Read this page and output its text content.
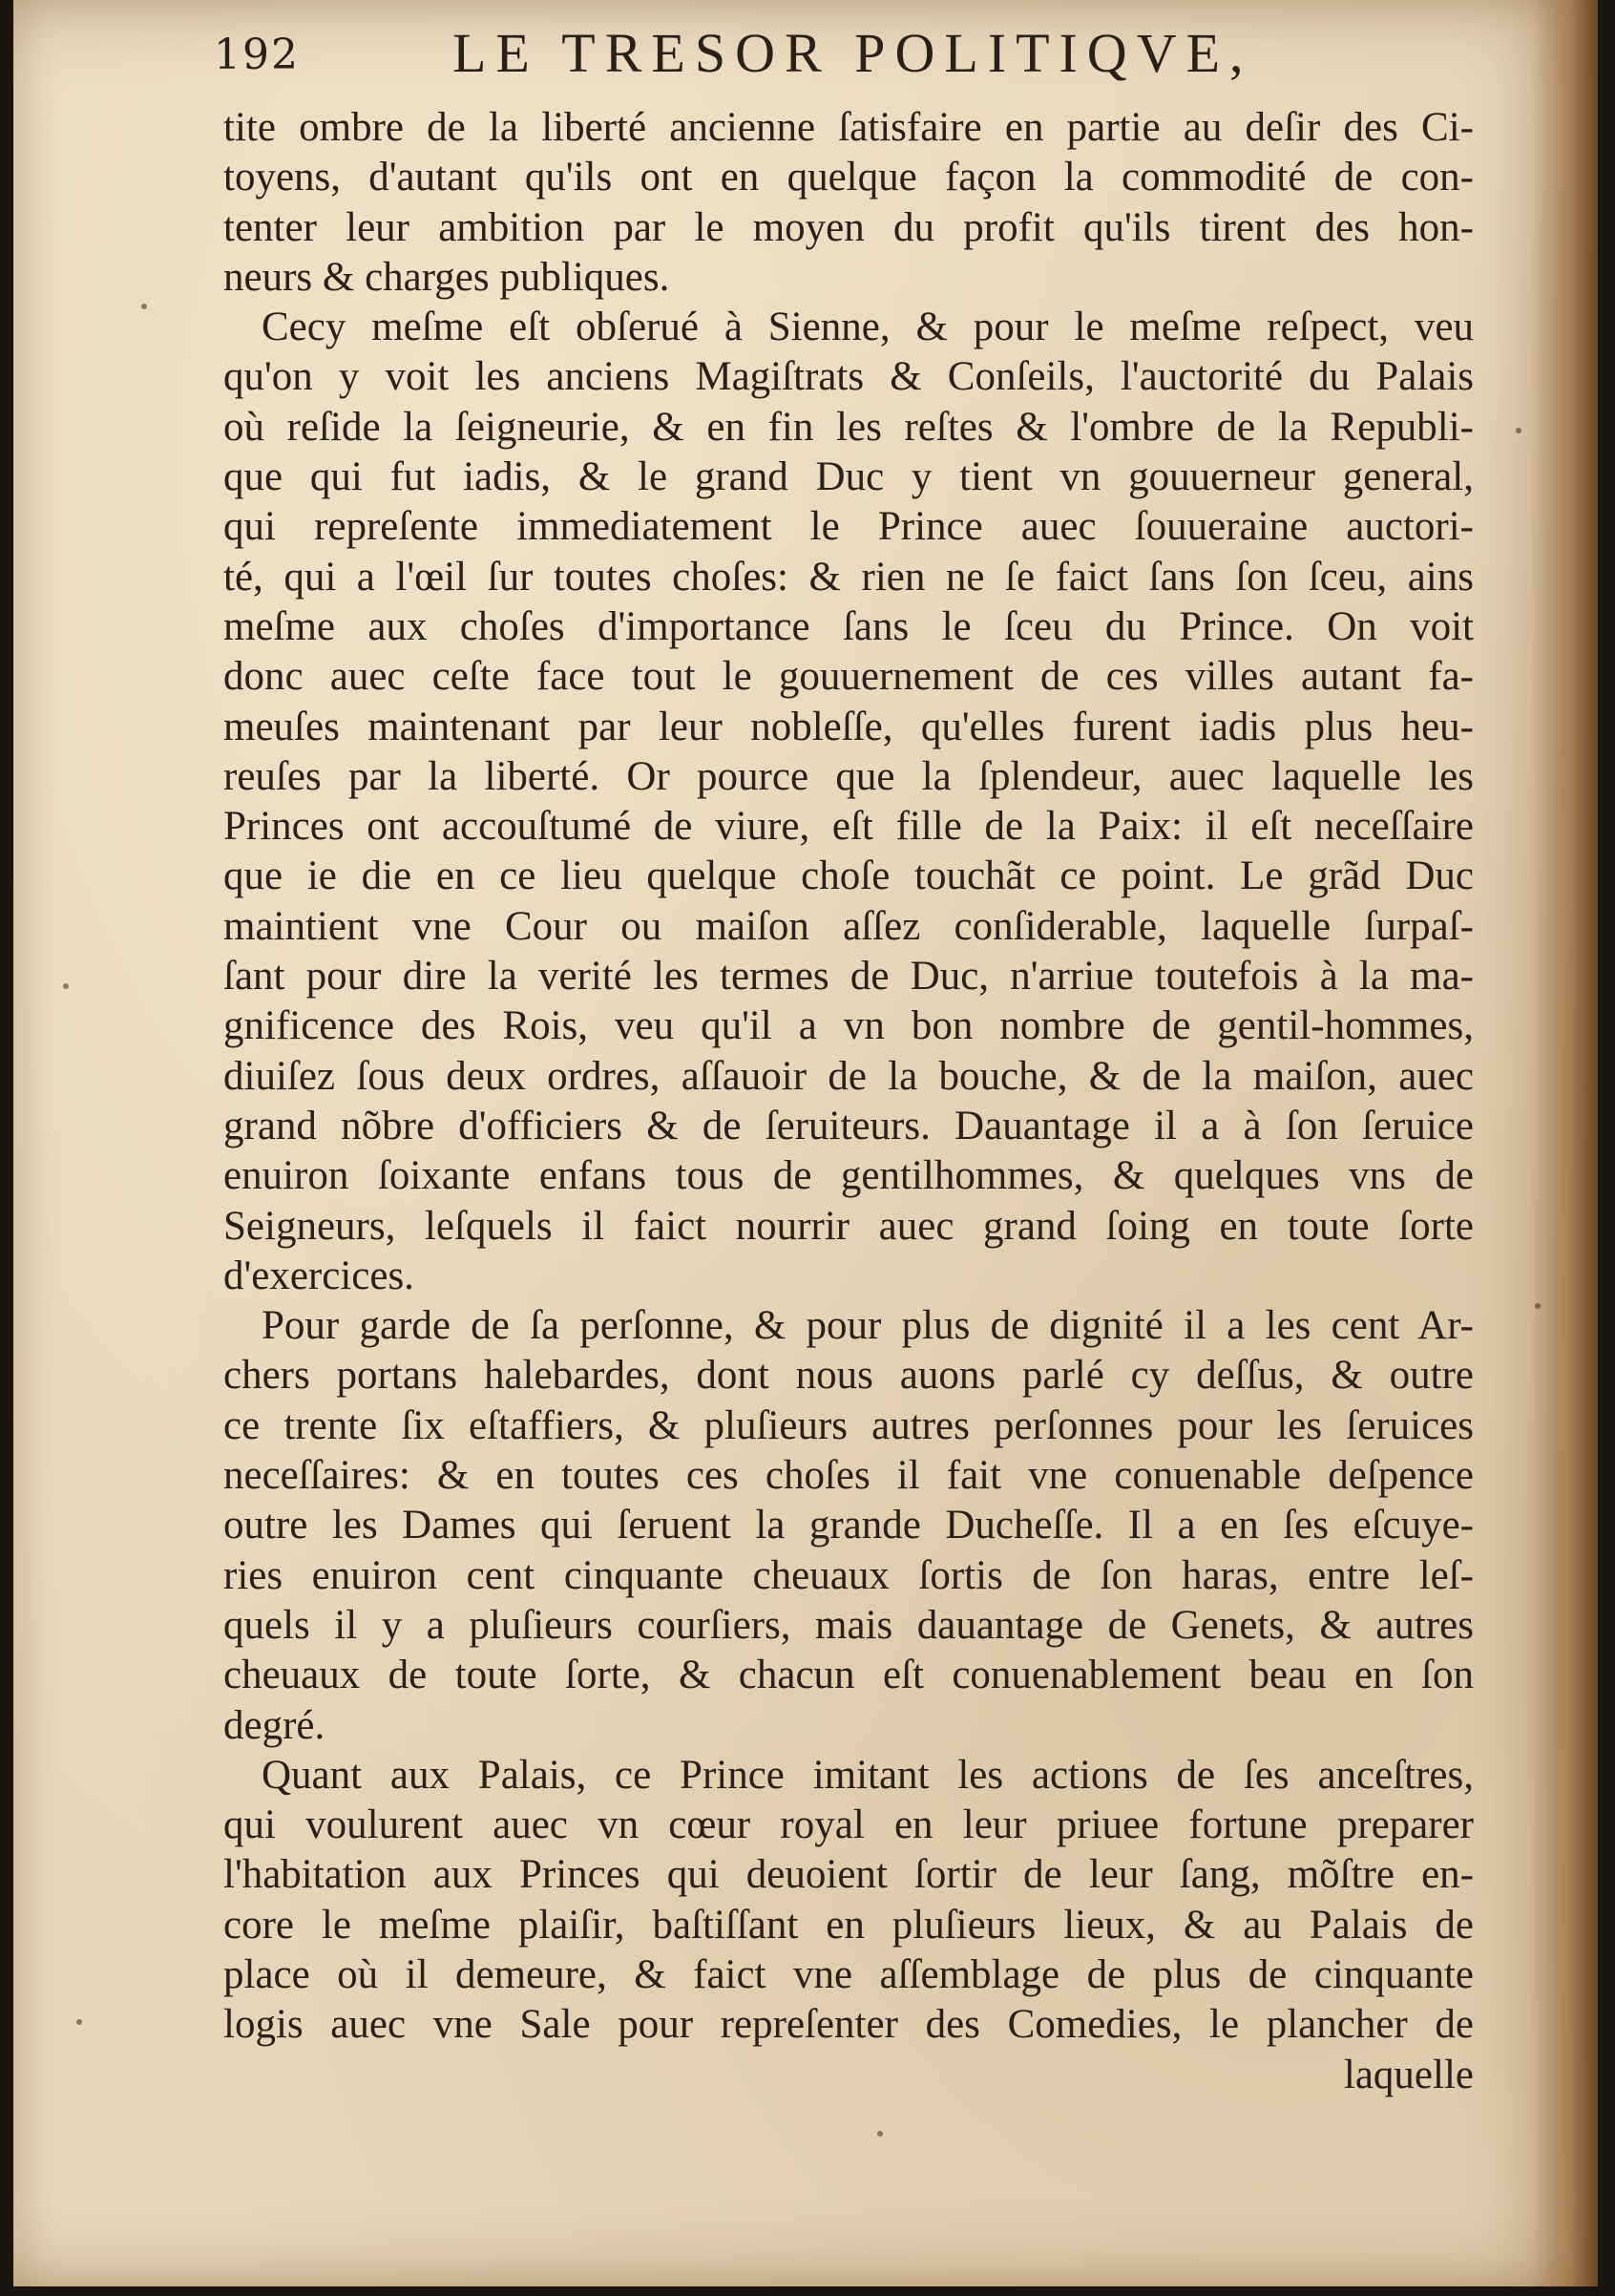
192	LE TRESOR POLITIQVE,
tite ombre de la liberté ancienne ſatisfaire en partie au deſir des Ci-
toyens, d'autant qu'ils ont en quelque façon la commodité de con-
tenter leur ambition par le moyen du profit qu'ils tirent des hon-
neurs & charges publiques.
Cecy meſme eſt obſerué à Sienne, & pour le meſme reſpect, veu
qu'on y voit les anciens Magiſtrats & Conſeils, l'auctorité du Palais
où reſide la ſeigneurie, & en fin les reſtes & l'ombre de la Republi-
que qui fut iadis, & le grand Duc y tient vn gouuerneur general,
qui repreſente immediatement le Prince auec ſouueraine auctori-
té, qui a l'œil ſur toutes choſes: & rien ne ſe faict ſans ſon ſceu, ains
meſme aux choſes d'importance ſans le ſceu du Prince. On voit
donc auec ceſte face tout le gouuernement de ces villes autant fa-
meuſes maintenant par leur nobleſſe, qu'elles furent iadis plus heu-
reuſes par la liberté. Or pource que la ſplendeur, auec laquelle les
Princes ont accouſtumé de viure, eſt fille de la Paix: il eſt neceſſaire
que ie die en ce lieu quelque choſe touchãt ce point. Le grãd Duc
maintient vne Cour ou maiſon aſſez conſiderable, laquelle ſurpaſ-
ſant pour dire la verité les termes de Duc, n'arriue toutefois à la ma-
gnificence des Rois, veu qu'il a vn bon nombre de gentil-hommes,
diuiſez ſous deux ordres, aſſauoir de la bouche, & de la maiſon, auec
grand nõbre d'officiers & de ſeruiteurs. Dauantage il a à ſon ſeruice
enuiron ſoixante enfans tous de gentilhommes, & quelques vns de
Seigneurs, leſquels il faict nourrir auec grand ſoing en toute ſorte
d'exercices.
Pour garde de ſa perſonne, & pour plus de dignité il a les cent Ar-
chers portans halebardes, dont nous auons parlé cy deſſus, & outre
ce trente ſix eſtaffiers, & pluſieurs autres perſonnes pour les ſeruices
neceſſaires: & en toutes ces choſes il fait vne conuenable deſpence
outre les Dames qui ſeruent la grande Ducheſſe. Il a en ſes eſcuye-
ries enuiron cent cinquante cheuaux ſortis de ſon haras, entre leſ-
quels il y a pluſieurs courſiers, mais dauantage de Genets, & autres
cheuaux de toute ſorte, & chacun eſt conuenablement beau en ſon
degré.
Quant aux Palais, ce Prince imitant les actions de ſes anceſtres,
qui voulurent auec vn cœur royal en leur priuee fortune preparer
l'habitation aux Princes qui deuoient ſortir de leur ſang, mõſtre en-
core le meſme plaiſir, baſtiſſant en pluſieurs lieux, & au Palais de
place où il demeure, & faict vne aſſemblage de plus de cinquante
logis auec vne Sale pour repreſenter des Comedies, le plancher de
laquelle
